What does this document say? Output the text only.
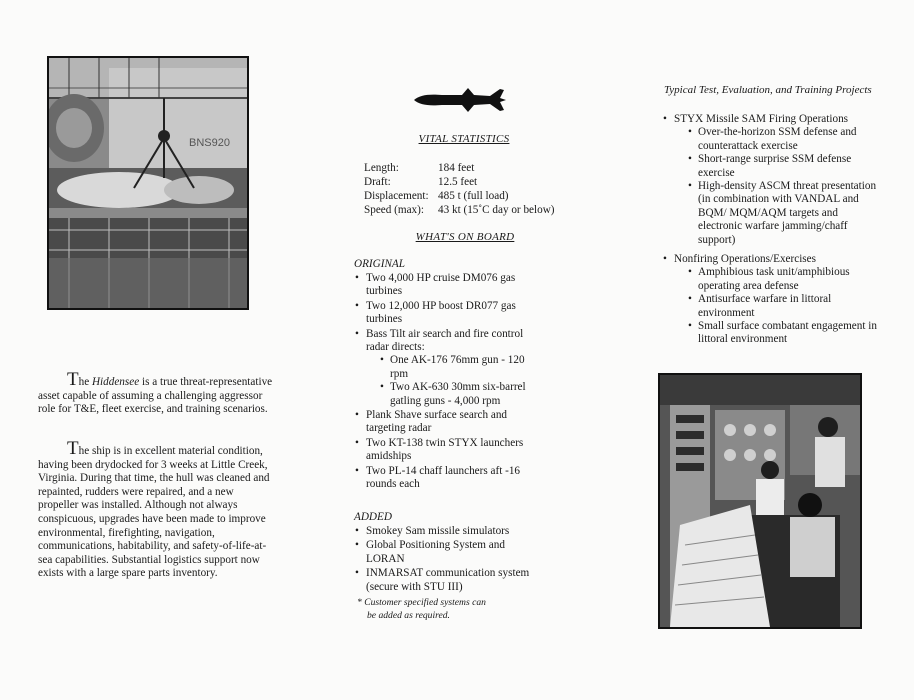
BNS920

The Hiddensee is a true threat-representative asset capable of assuming a challenging aggressor role for T&E, fleet exercise, and training scenarios.

The ship is in excellent material condition, having been drydocked for 3 weeks at Little Creek, Virginia. During that time, the hull was cleaned and repainted, rudders were repaired, and a new propeller was installed. Although not always conspicuous, upgrades have been made to improve environmental, firefighting, navigation, communications, habitability, and safety-of-life-at-sea capabilities. Substantial logistics support now exists with a large spare parts inventory.

VITAL STATISTICS
Length:	184 feet
Draft:	12.5 feet
Displacement:	485 t (full load)
Speed (max):	43 kt (15˚C day or below)
WHAT'S ON BOARD

ORIGINAL

• Two 4,000 HP cruise DM076 gas turbines
• Two 12,000 HP boost DR077 gas turbines
• Bass Tilt air search and fire control radar directs:
• One AK-176 76mm gun - 120 rpm
• Two AK-630 30mm six-barrel gatling guns - 4,000 rpm
• Plank Shave surface search and targeting radar
• Two KT-138 twin STYX launchers amidships
• Two PL-14 chaff launchers aft -16 rounds each

ADDED

• Smokey Sam missile simulators
• Global Positioning System and LORAN
• INMARSAT communication system (secure with STU III)
* Customer specified systems can
be added as required.
Typical Test, Evaluation, and Training Projects
• STYX Missile SAM Firing Operations
• Over-the-horizon SSM defense and counterattack exercise
• Short-range surprise SSM defense exercise
• High-density ASCM threat presentation (in combination with VANDAL and BQM/ MQM/AQM targets and electronic warfare jamming/chaff support)
• Nonfiring Operations/Exercises
• Amphibious task unit/amphibious operating area defense
• Antisurface warfare in littoral environment
• Small surface combatant engagement in littoral environment
